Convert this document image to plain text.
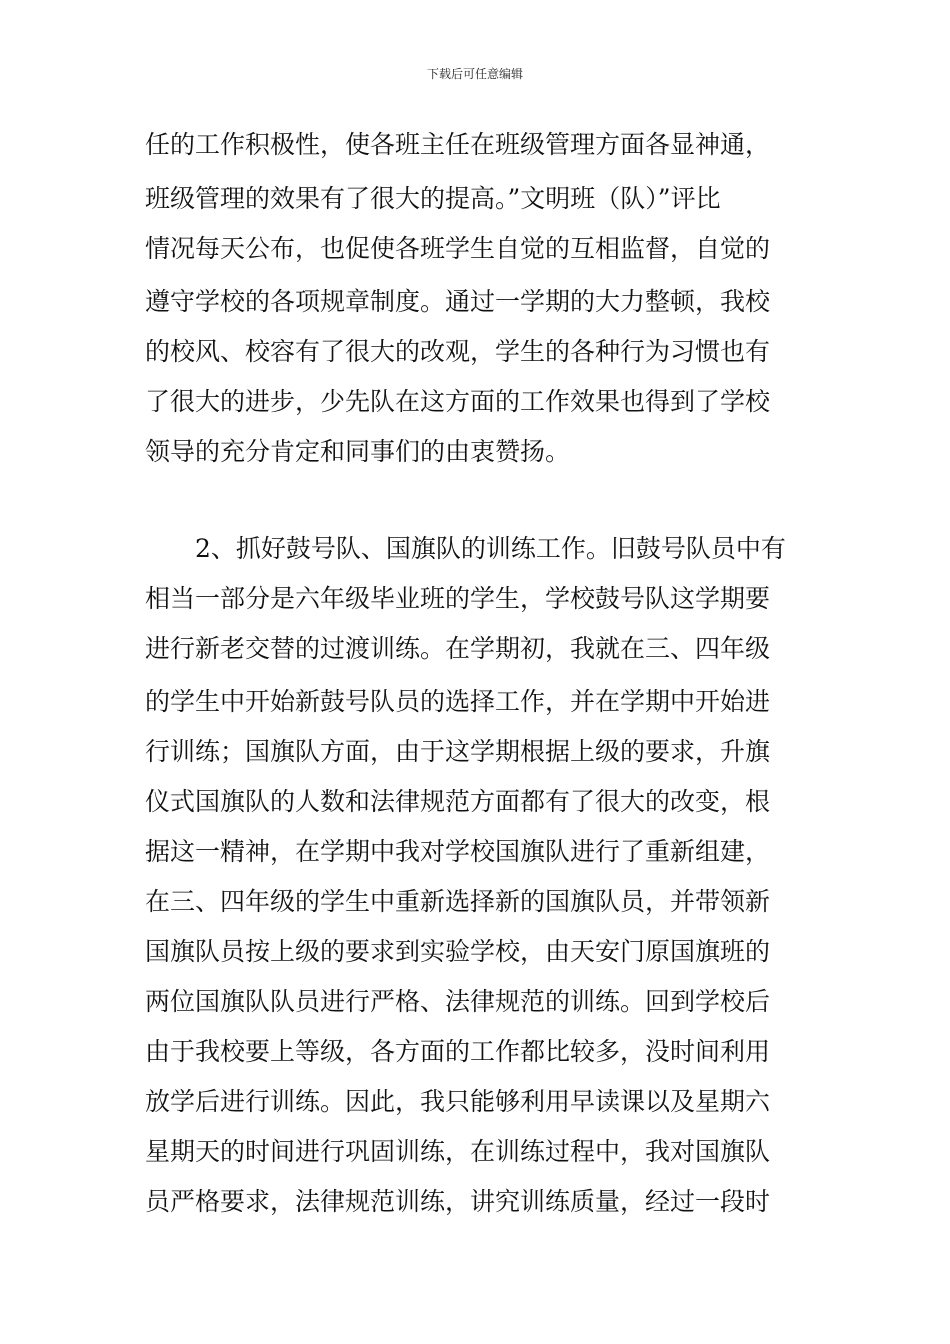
下载后可任意编辑
任的工作积极性，使各班主任在班级管理方面各显神通，
班级管理的效果有了很大的提高。”文明班（队）”评比
情况每天公布，也促使各班学生自觉的互相监督，自觉的
遵守学校的各项规章制度。通过一学期的大力整顿，我校
的校风、校容有了很大的改观，学生的各种行为习惯也有
了很大的进步，少先队在这方面的工作效果也得到了学校
领导的充分肯定和同事们的由衷赞扬。
2、抓好鼓号队、国旗队的训练工作。旧鼓号队员中有
相当一部分是六年级毕业班的学生，学校鼓号队这学期要
进行新老交替的过渡训练。在学期初，我就在三、四年级
的学生中开始新鼓号队员的选择工作，并在学期中开始进
行训练；国旗队方面，由于这学期根据上级的要求，升旗
仪式国旗队的人数和法律规范方面都有了很大的改变，根
据这一精神，在学期中我对学校国旗队进行了重新组建，
在三、四年级的学生中重新选择新的国旗队员，并带领新
国旗队员按上级的要求到实验学校，由天安门原国旗班的
两位国旗队队员进行严格、法律规范的训练。回到学校后
由于我校要上等级，各方面的工作都比较多，没时间利用
放学后进行训练。因此，我只能够利用早读课以及星期六
星期天的时间进行巩固训练，在训练过程中，我对国旗队
员严格要求，法律规范训练，讲究训练质量，经过一段时
